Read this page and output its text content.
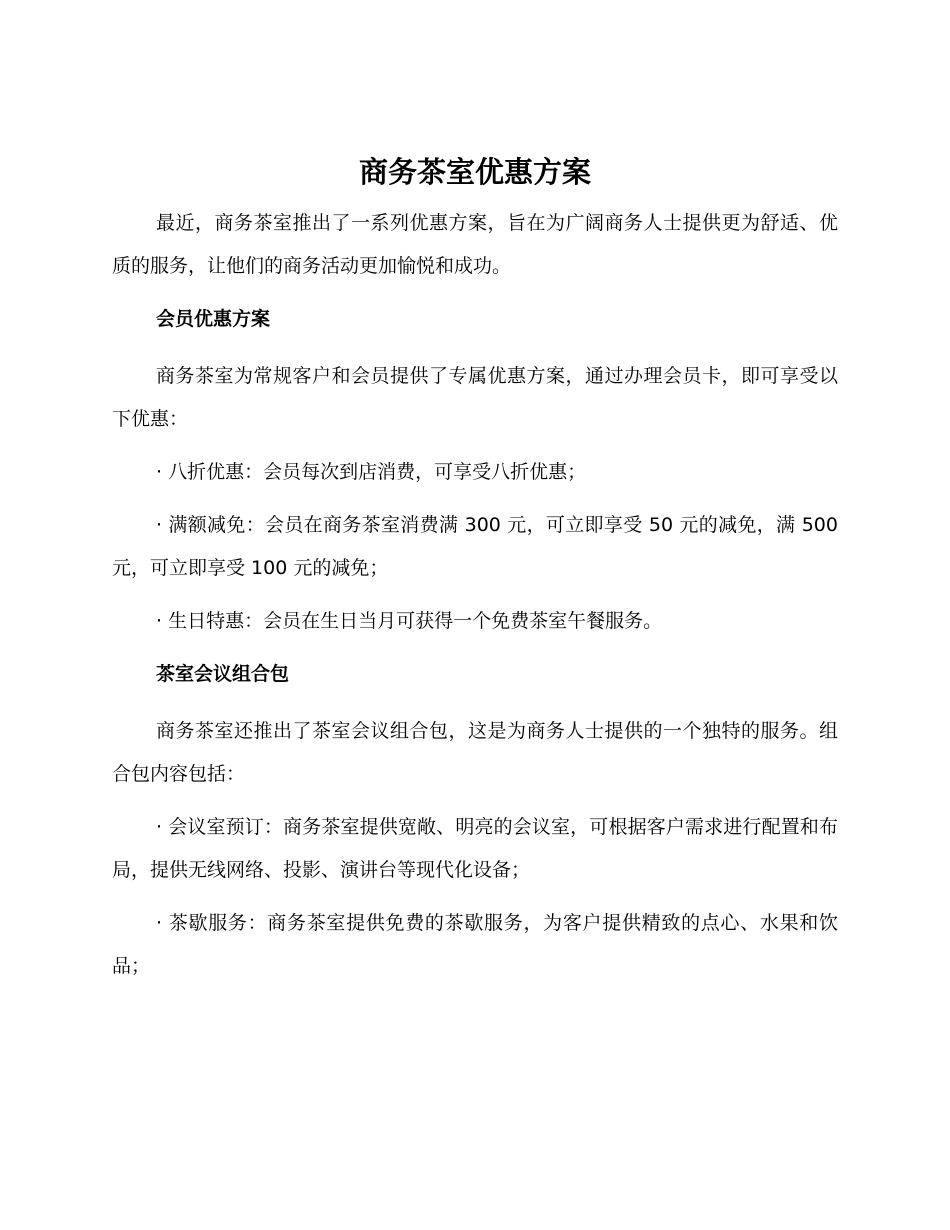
商务茶室优惠方案

最近，商务茶室推出了一系列优惠方案，旨在为广阔商务人士提供更为舒适、优质的服务，让他们的商务活动更加愉悦和成功。

会员优惠方案

商务茶室为常规客户和会员提供了专属优惠方案，通过办理会员卡，即可享受以下优惠：

· 八折优惠：会员每次到店消费，可享受八折优惠；

· 满额减免：会员在商务茶室消费满 300 元，可立即享受 50 元的减免，满 500 元，可立即享受 100 元的减免；

· 生日特惠：会员在生日当月可获得一个免费茶室午餐服务。

茶室会议组合包

商务茶室还推出了茶室会议组合包，这是为商务人士提供的一个独特的服务。组合包内容包括：

· 会议室预订：商务茶室提供宽敞、明亮的会议室，可根据客户需求进行配置和布局，提供无线网络、投影、演讲台等现代化设备；

· 茶歇服务：商务茶室提供免费的茶歇服务，为客户提供精致的点心、水果和饮品；
